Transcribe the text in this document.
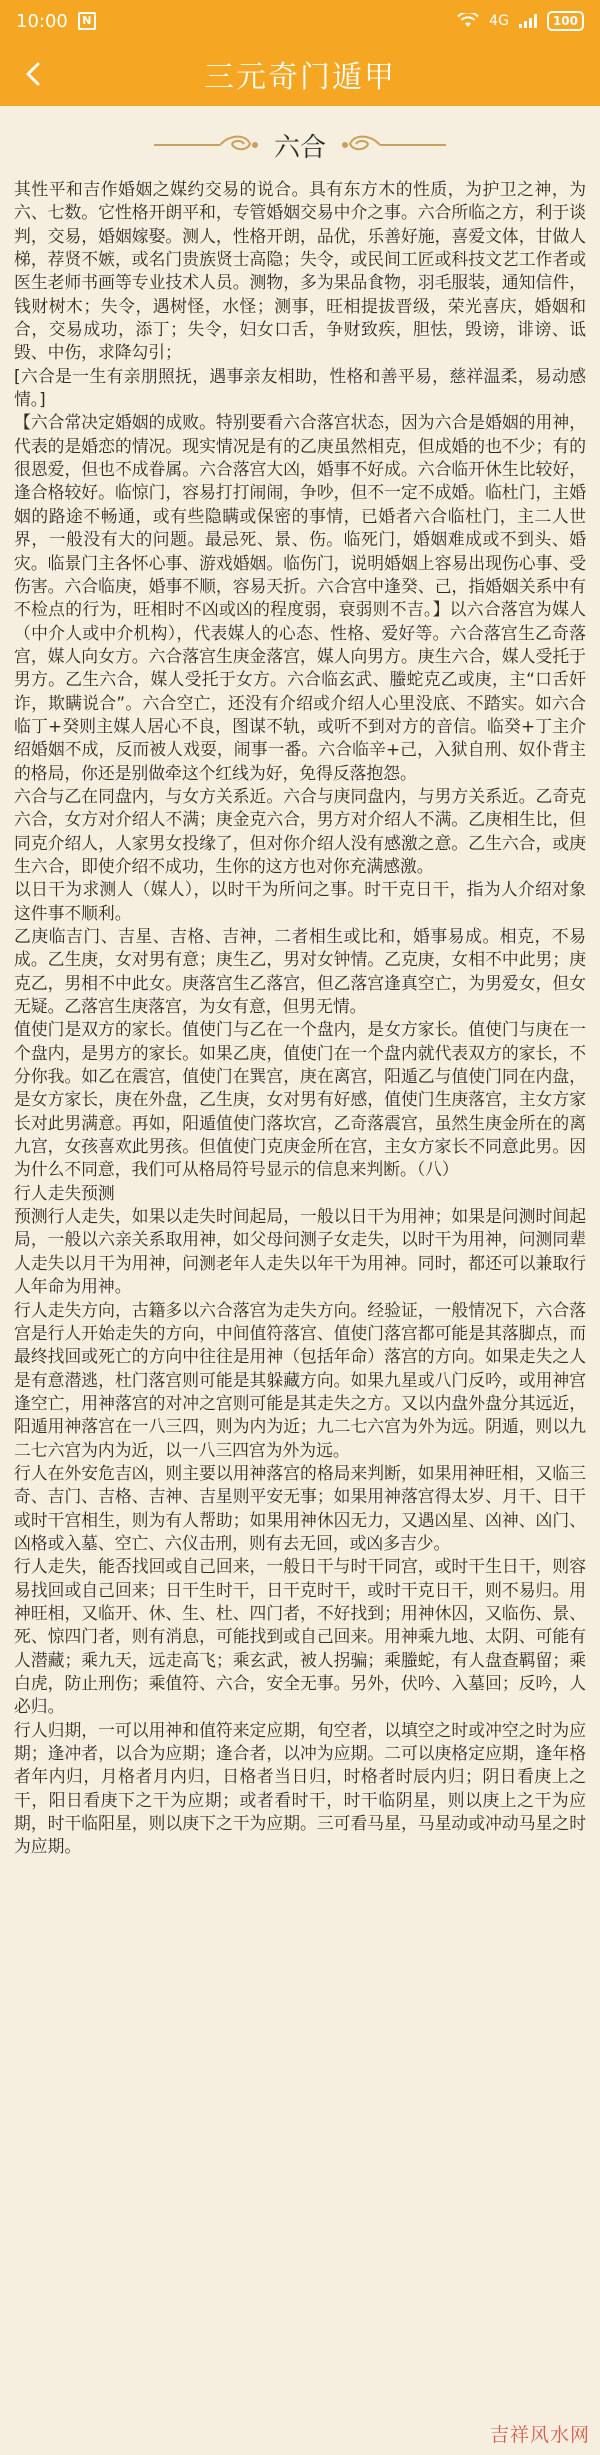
10:00	N	4G	100
三元奇门遁甲
六合

其性平和吉作婚姻之媒约交易的说合。具有东方木的性质，为护卫之神，为六、七数。它性格开朗平和，专管婚姻交易中介之事。六合所临之方，利于谈判，交易，婚姻嫁娶。测人，性格开朗，品优，乐善好施，喜爱文体，甘做人梯，荐贤不嫉，或名门贵族贤士高隐；失令，或民间工匠或科技文艺工作者或医生老师书画等专业技术人员。测物，多为果品食物，羽毛服装，通知信件，钱财树木；失令，遇树怪，水怪；测事，旺相提拔晋级，荣光喜庆，婚姻和合，交易成功，添丁；失令，妇女口舌，争财致疾，胆怯，毁谤，诽谤、诋毁、中伤，求降勾引；

[六合是一生有亲朋照抚，遇事亲友相助，性格和善平易，慈祥温柔，易动感情。]

【六合常决定婚姻的成败。特别要看六合落宫状态，因为六合是婚姻的用神，代表的是婚恋的情况。现实情况是有的乙庚虽然相克，但成婚的也不少；有的很恩爱，但也不成眷属。六合落宫大凶，婚事不好成。六合临开休生比较好，逢合格较好。临惊门，容易打打闹闹，争吵，但不一定不成婚。临杜门，主婚姻的路途不畅通，或有些隐瞒或保密的事情，已婚者六合临杜门，主二人世界，一般没有大的问题。最忌死、景、伤。临死门，婚姻难成或不到头、婚灾。临景门主各怀心事、游戏婚姻。临伤门，说明婚姻上容易出现伤心事、受伤害。六合临庚，婚事不顺，容易天折。六合宫中逢癸、己，指婚姻关系中有不检点的行为，旺相时不凶或凶的程度弱，衰弱则不吉。】以六合落宫为媒人（中介人或中介机构），代表媒人的心态、性格、爱好等。六合落宫生乙奇落宫，媒人向女方。六合落宫生庚金落宫，媒人向男方。庚生六合，媒人受托于男方。乙生六合，媒人受托于女方。六合临玄武、螣蛇克乙或庚，主“口舌奸诈，欺瞒说合”。六合空亡，还没有介绍或介绍人心里没底、不踏实。如六合临丁+癸则主媒人居心不良，图谋不轨，或听不到对方的音信。临癸+丁主介绍婚姻不成，反而被人戏耍，闹事一番。六合临辛+己，入狱自刑、奴仆背主的格局，你还是别做牵这个红线为好，免得反落抱怨。

六合与乙在同盘内，与女方关系近。六合与庚同盘内，与男方关系近。乙奇克六合，女方对介绍人不满；庚金克六合，男方对介绍人不满。乙庚相生比，但同克介绍人，人家男女投缘了，但对你介绍人没有感激之意。乙生六合，或庚生六合，即使介绍不成功，生你的这方也对你充满感激。

以日干为求测人（媒人），以时干为所问之事。时干克日干，指为人介绍对象这件事不顺利。

乙庚临吉门、吉星、吉格、吉神，二者相生或比和，婚事易成。相克，不易成。乙生庚，女对男有意；庚生乙，男对女钟情。乙克庚，女相不中此男；庚克乙，男相不中此女。庚落宫生乙落宫，但乙落宫逢真空亡，为男爱女，但女无疑。乙落宫生庚落宫，为女有意，但男无情。

值使门是双方的家长。值使门与乙在一个盘内，是女方家长。值使门与庚在一个盘内，是男方的家长。如果乙庚，值使门在一个盘内就代表双方的家长，不分你我。如乙在震宫，值使门在巽宫，庚在离宫，阳遁乙与值使门同在内盘，是女方家长，庚在外盘，乙生庚，女对男有好感，值使门生庚落宫，主女方家长对此男满意。再如，阳遁值使门落坎宫，乙奇落震宫，虽然生庚金所在的离九宫，女孩喜欢此男孩。但值使门克庚金所在宫，主女方家长不同意此男。因为什么不同意，我们可从格局符号显示的信息来判断。（八）

行人走失预测

预测行人走失，如果以走失时间起局，一般以日干为用神；如果是问测时间起局，一般以六亲关系取用神，如父母问测子女走失，以时干为用神，问测同辈人走失以月干为用神，问测老年人走失以年干为用神。同时，都还可以兼取行人年命为用神。

行人走失方向，古籍多以六合落宫为走失方向。经验证，一般情况下，六合落宫是行人开始走失的方向，中间值符落宫、值使门落宫都可能是其落脚点，而最终找回或死亡的方向中往往是用神（包括年命）落宫的方向。如果走失之人是有意潜逃，杜门落宫则可能是其躲藏方向。如果九星或八门反吟，或用神宫逢空亡，用神落宫的对冲之宫则可能是其走失之方。又以内盘外盘分其远近，阳遁用神落宫在一八三四，则为内为近；九二七六宫为外为远。阴遁，则以九二七六宫为内为近，以一八三四宫为外为远。

行人在外安危吉凶，则主要以用神落宫的格局来判断，如果用神旺相，又临三奇、吉门、吉格、吉神、吉星则平安无事；如果用神落宫得太岁、月干、日干或时干宫相生，则为有人帮助；如果用神休囚无力，又遇凶星、凶神、凶门、凶格或入墓、空亡、六仪击刑，则有去无回，或凶多吉少。

行人走失，能否找回或自己回来，一般日干与时干同宫，或时干生日干，则容易找回或自己回来；日干生时干，日干克时干，或时干克日干，则不易归。用神旺相，又临开、休、生、杜、四门者，不好找到；用神休囚，又临伤、景、死、惊四门者，则有消息，可能找到或自己回来。用神乘九地、太阴、可能有人潜藏；乘九天，远走高飞；乘玄武，被人拐骗；乘螣蛇，有人盘查羁留；乘白虎，防止刑伤；乘值符、六合，安全无事。另外，伏吟、入墓回；反吟，人必归。

行人归期，一可以用神和值符来定应期，旬空者，以填空之时或冲空之时为应期；逢冲者，以合为应期；逢合者，以冲为应期。二可以庚格定应期，逢年格者年内归，月格者月内归，日格者当日归，时格者时辰内归；阴日看庚上之干，阳日看庚下之干为应期；或者看时干，时干临阴星，则以庚上之干为应期，时干临阳星，则以庚下之干为应期。三可看马星，马星动或冲动马星之时为应期。

吉祥风水网
